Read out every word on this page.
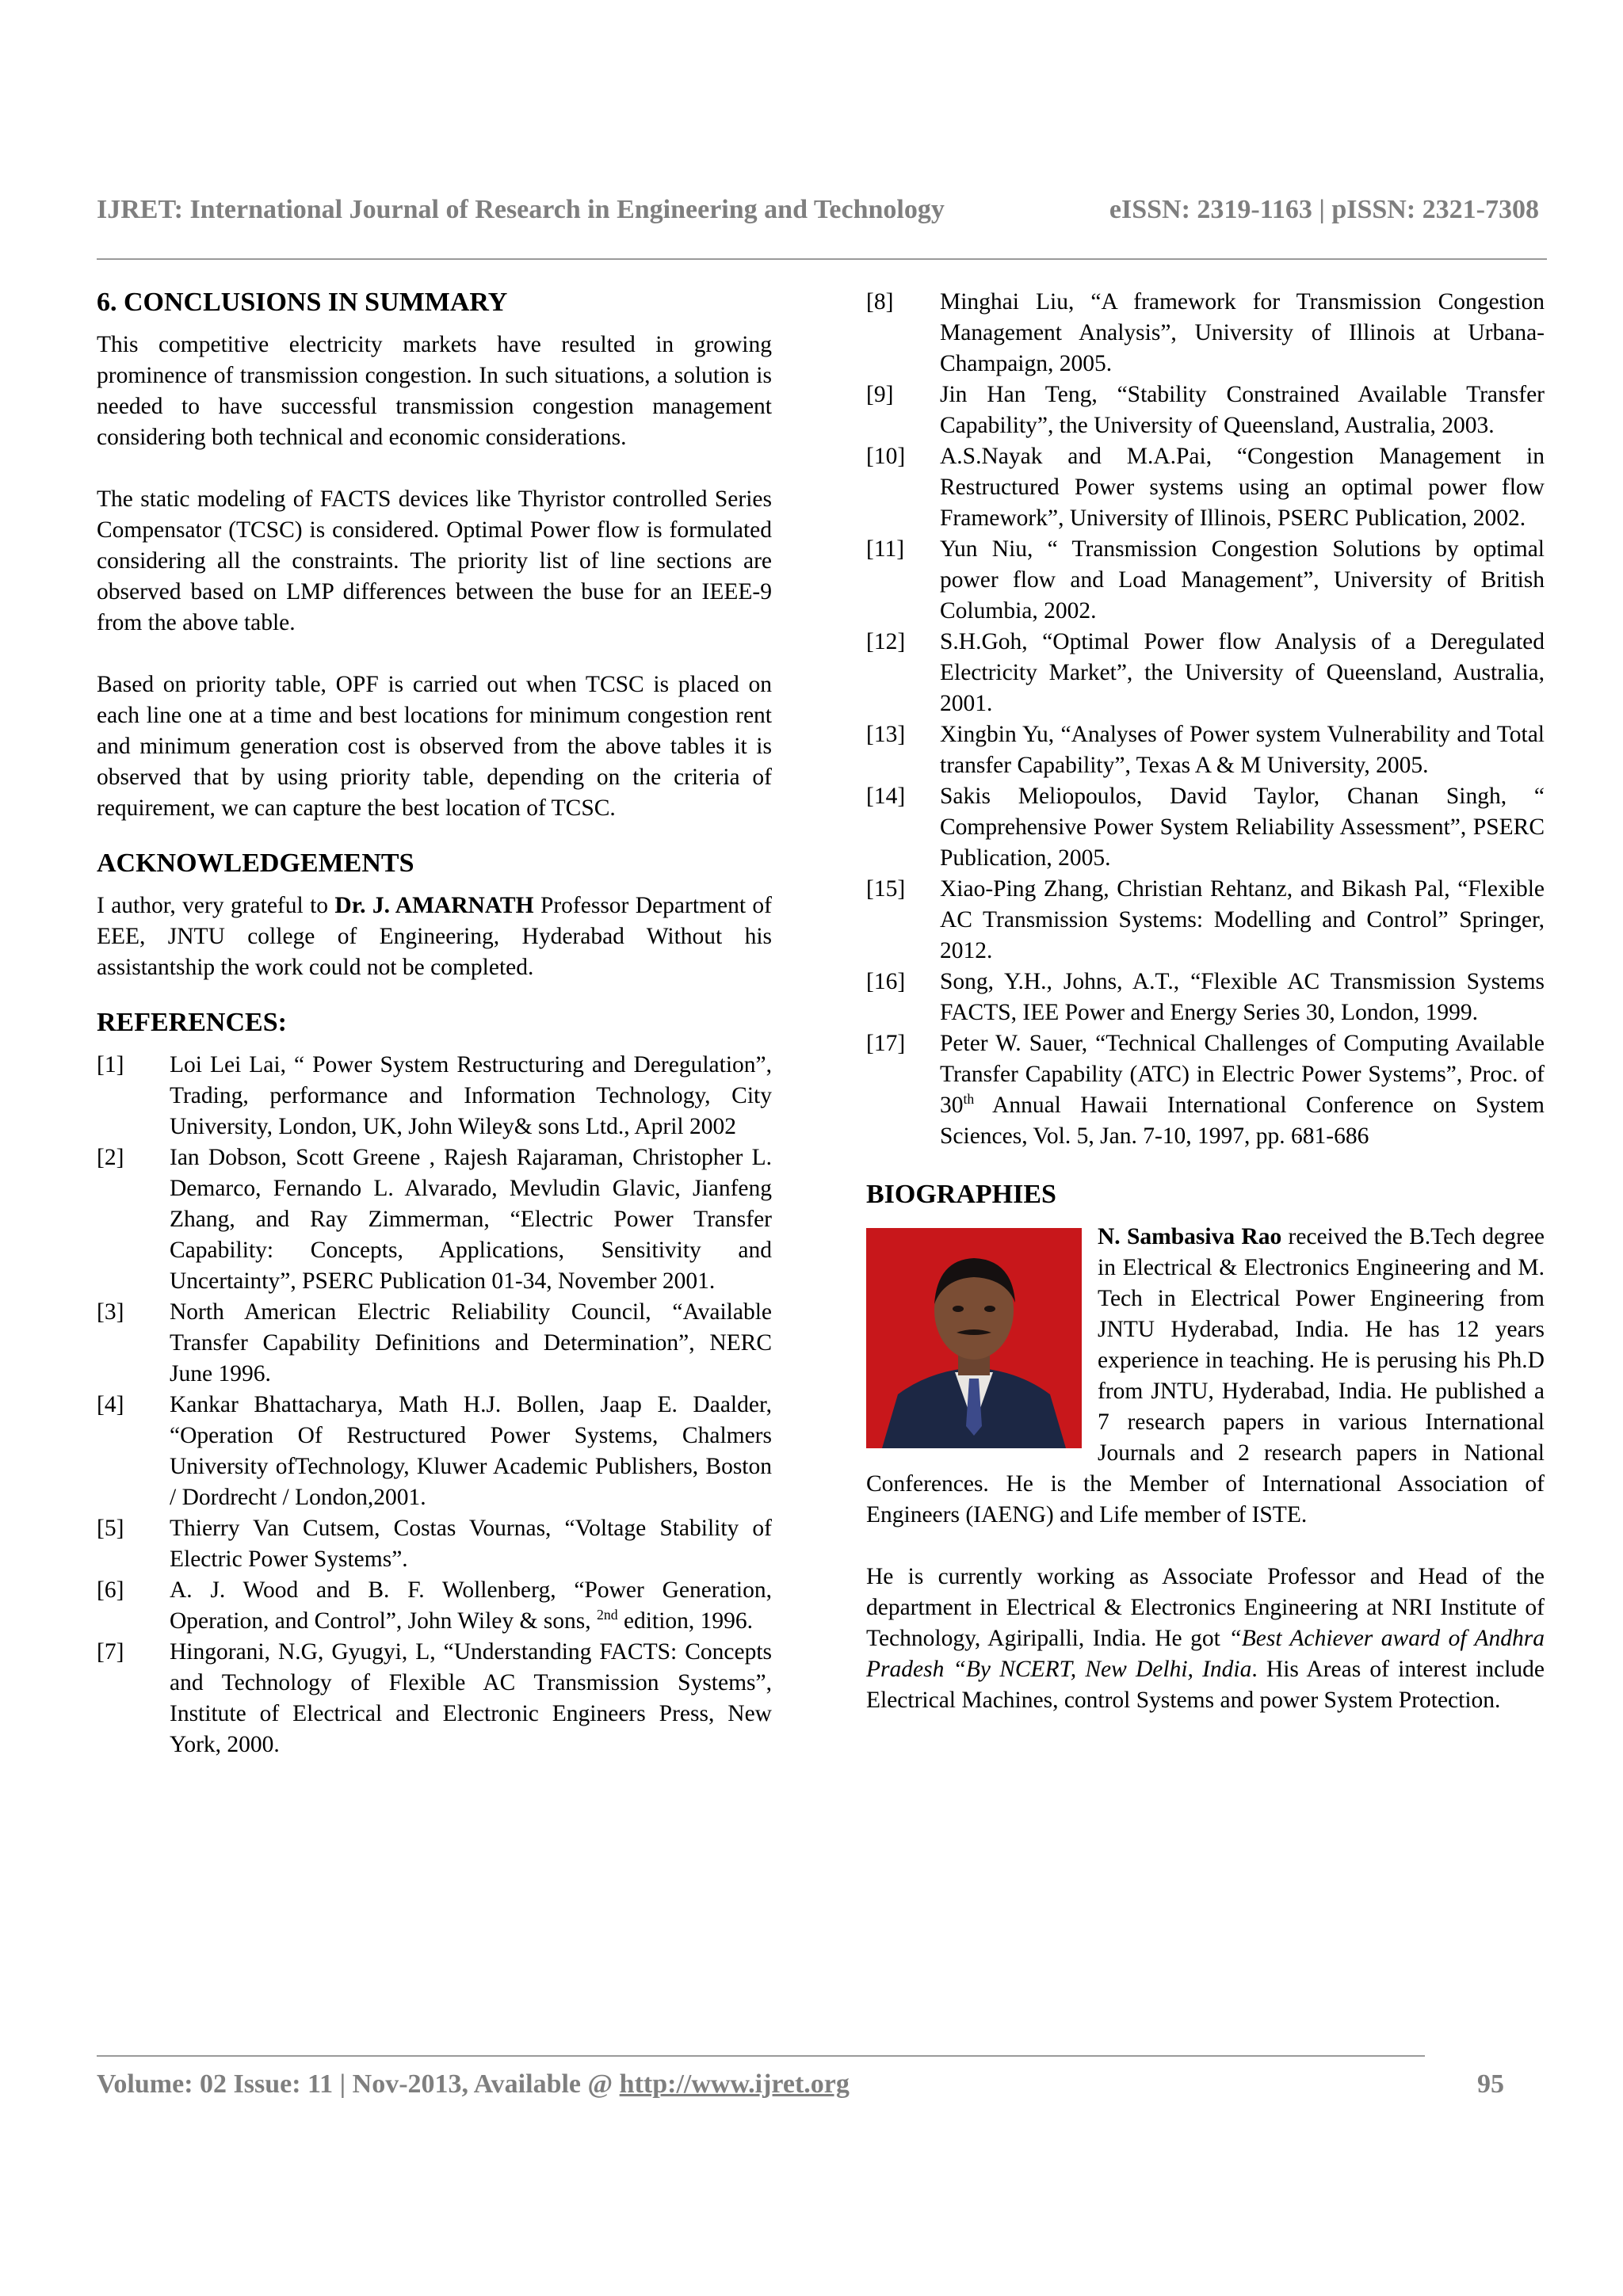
IJRET: International Journal of Research in Engineering and Technology	eISSN: 2319-1163 | pISSN: 2321-7308
6. CONCLUSIONS IN SUMMARY

This competitive electricity markets have resulted in growing prominence of transmission congestion. In such situations, a solution is needed to have successful transmission congestion management considering both technical and economic considerations.

The static modeling of FACTS devices like Thyristor controlled Series Compensator (TCSC) is considered. Optimal Power flow is formulated considering all the constraints. The priority list of line sections are observed based on LMP differences between the buse for an IEEE-9 from the above table.

Based on priority table, OPF is carried out when TCSC is placed on each line one at a time and best locations for minimum congestion rent and minimum generation cost is observed from the above tables it is observed that by using priority table, depending on the criteria of requirement, we can capture the best location of TCSC.

ACKNOWLEDGEMENTS

I author, very grateful to Dr. J. AMARNATH Professor Department of EEE, JNTU college of Engineering, Hyderabad Without his assistantship the work could not be completed.

REFERENCES:
[1]	Loi Lei Lai, “ Power System Restructuring and Deregulation”, Trading, performance and Information Technology, City University, London, UK, John Wiley& sons Ltd., April 2002
[2]	Ian Dobson, Scott Greene , Rajesh Rajaraman, Christopher L. Demarco, Fernando L. Alvarado, Mevludin Glavic, Jianfeng Zhang, and Ray Zimmerman, “Electric Power Transfer Capability: Concepts, Applications, Sensitivity and Uncertainty”, PSERC Publication 01-34, November 2001.
[3]	North American Electric Reliability Council, “Available Transfer Capability Definitions and Determination”, NERC June 1996.
[4]	Kankar Bhattacharya, Math H.J. Bollen, Jaap E. Daalder, “Operation Of Restructured Power Systems, Chalmers University ofTechnology, Kluwer Academic Publishers, Boston / Dordrecht / London,2001.
[5]	Thierry Van Cutsem, Costas Vournas, “Voltage Stability of Electric Power Systems”.
[6]	A. J. Wood and B. F. Wollenberg, “Power Generation, Operation, and Control”, John Wiley & sons, $^{2nd}$ edition, 1996.
[7]	Hingorani, N.G, Gyugyi, L, “Understanding FACTS: Concepts and Technology of Flexible AC Transmission Systems”, Institute of Electrical and Electronic Engineers Press, New York, 2000.
[8]	Minghai Liu, “A framework for Transmission Congestion Management Analysis”, University of Illinois at Urbana-Champaign, 2005.
[9]	Jin Han Teng, “Stability Constrained Available Transfer Capability”, the University of Queensland, Australia, 2003.
[10]	A.S.Nayak and M.A.Pai, “Congestion Management in Restructured Power systems using an optimal power flow Framework”, University of Illinois, PSERC Publication, 2002.
[11]	Yun Niu, “ Transmission Congestion Solutions by optimal power flow and Load Management”, University of British Columbia, 2002.
[12]	S.H.Goh, “Optimal Power flow Analysis of a Deregulated Electricity Market”, the University of Queensland, Australia, 2001.
[13]	Xingbin Yu, “Analyses of Power system Vulnerability and Total transfer Capability”, Texas A & M University, 2005.
[14]	Sakis Meliopoulos, David Taylor, Chanan Singh, “ Comprehensive Power System Reliability Assessment”, PSERC Publication, 2005.
[15]	Xiao-Ping Zhang, Christian Rehtanz, and Bikash Pal, “Flexible AC Transmission Systems: Modelling and Control” Springer, 2012.
[16]	Song, Y.H., Johns, A.T., “Flexible AC Transmission Systems FACTS, IEE Power and Energy Series 30, London, 1999.
[17]	Peter W. Sauer, “Technical Challenges of Computing Available Transfer Capability (ATC) in Electric Power Systems”, Proc. of 30th Annual Hawaii International Conference on System Sciences, Vol. 5, Jan. 7-10, 1997, pp. 681-686
BIOGRAPHIES

N. Sambasiva Rao received the B.Tech degree in Electrical & Electronics Engineering and M. Tech in Electrical Power Engineering from JNTU Hyderabad, India. He has 12 years experience in teaching. He is perusing his Ph.D from JNTU, Hyderabad, India. He published a 7 research papers in various International Journals and 2 research papers in National Conferences. He is the Member of International Association of Engineers (IAENG) and Life member of ISTE.

He is currently working as Associate Professor and Head of the department in Electrical & Electronics Engineering at NRI Institute of Technology, Agiripalli, India. He got “Best Achiever award of Andhra Pradesh “By NCERT, New Delhi, India. His Areas of interest include Electrical Machines, control Systems and power System Protection.

Volume: 02 Issue: 11 | Nov-2013, Available @ http://www.ijret.org	95
